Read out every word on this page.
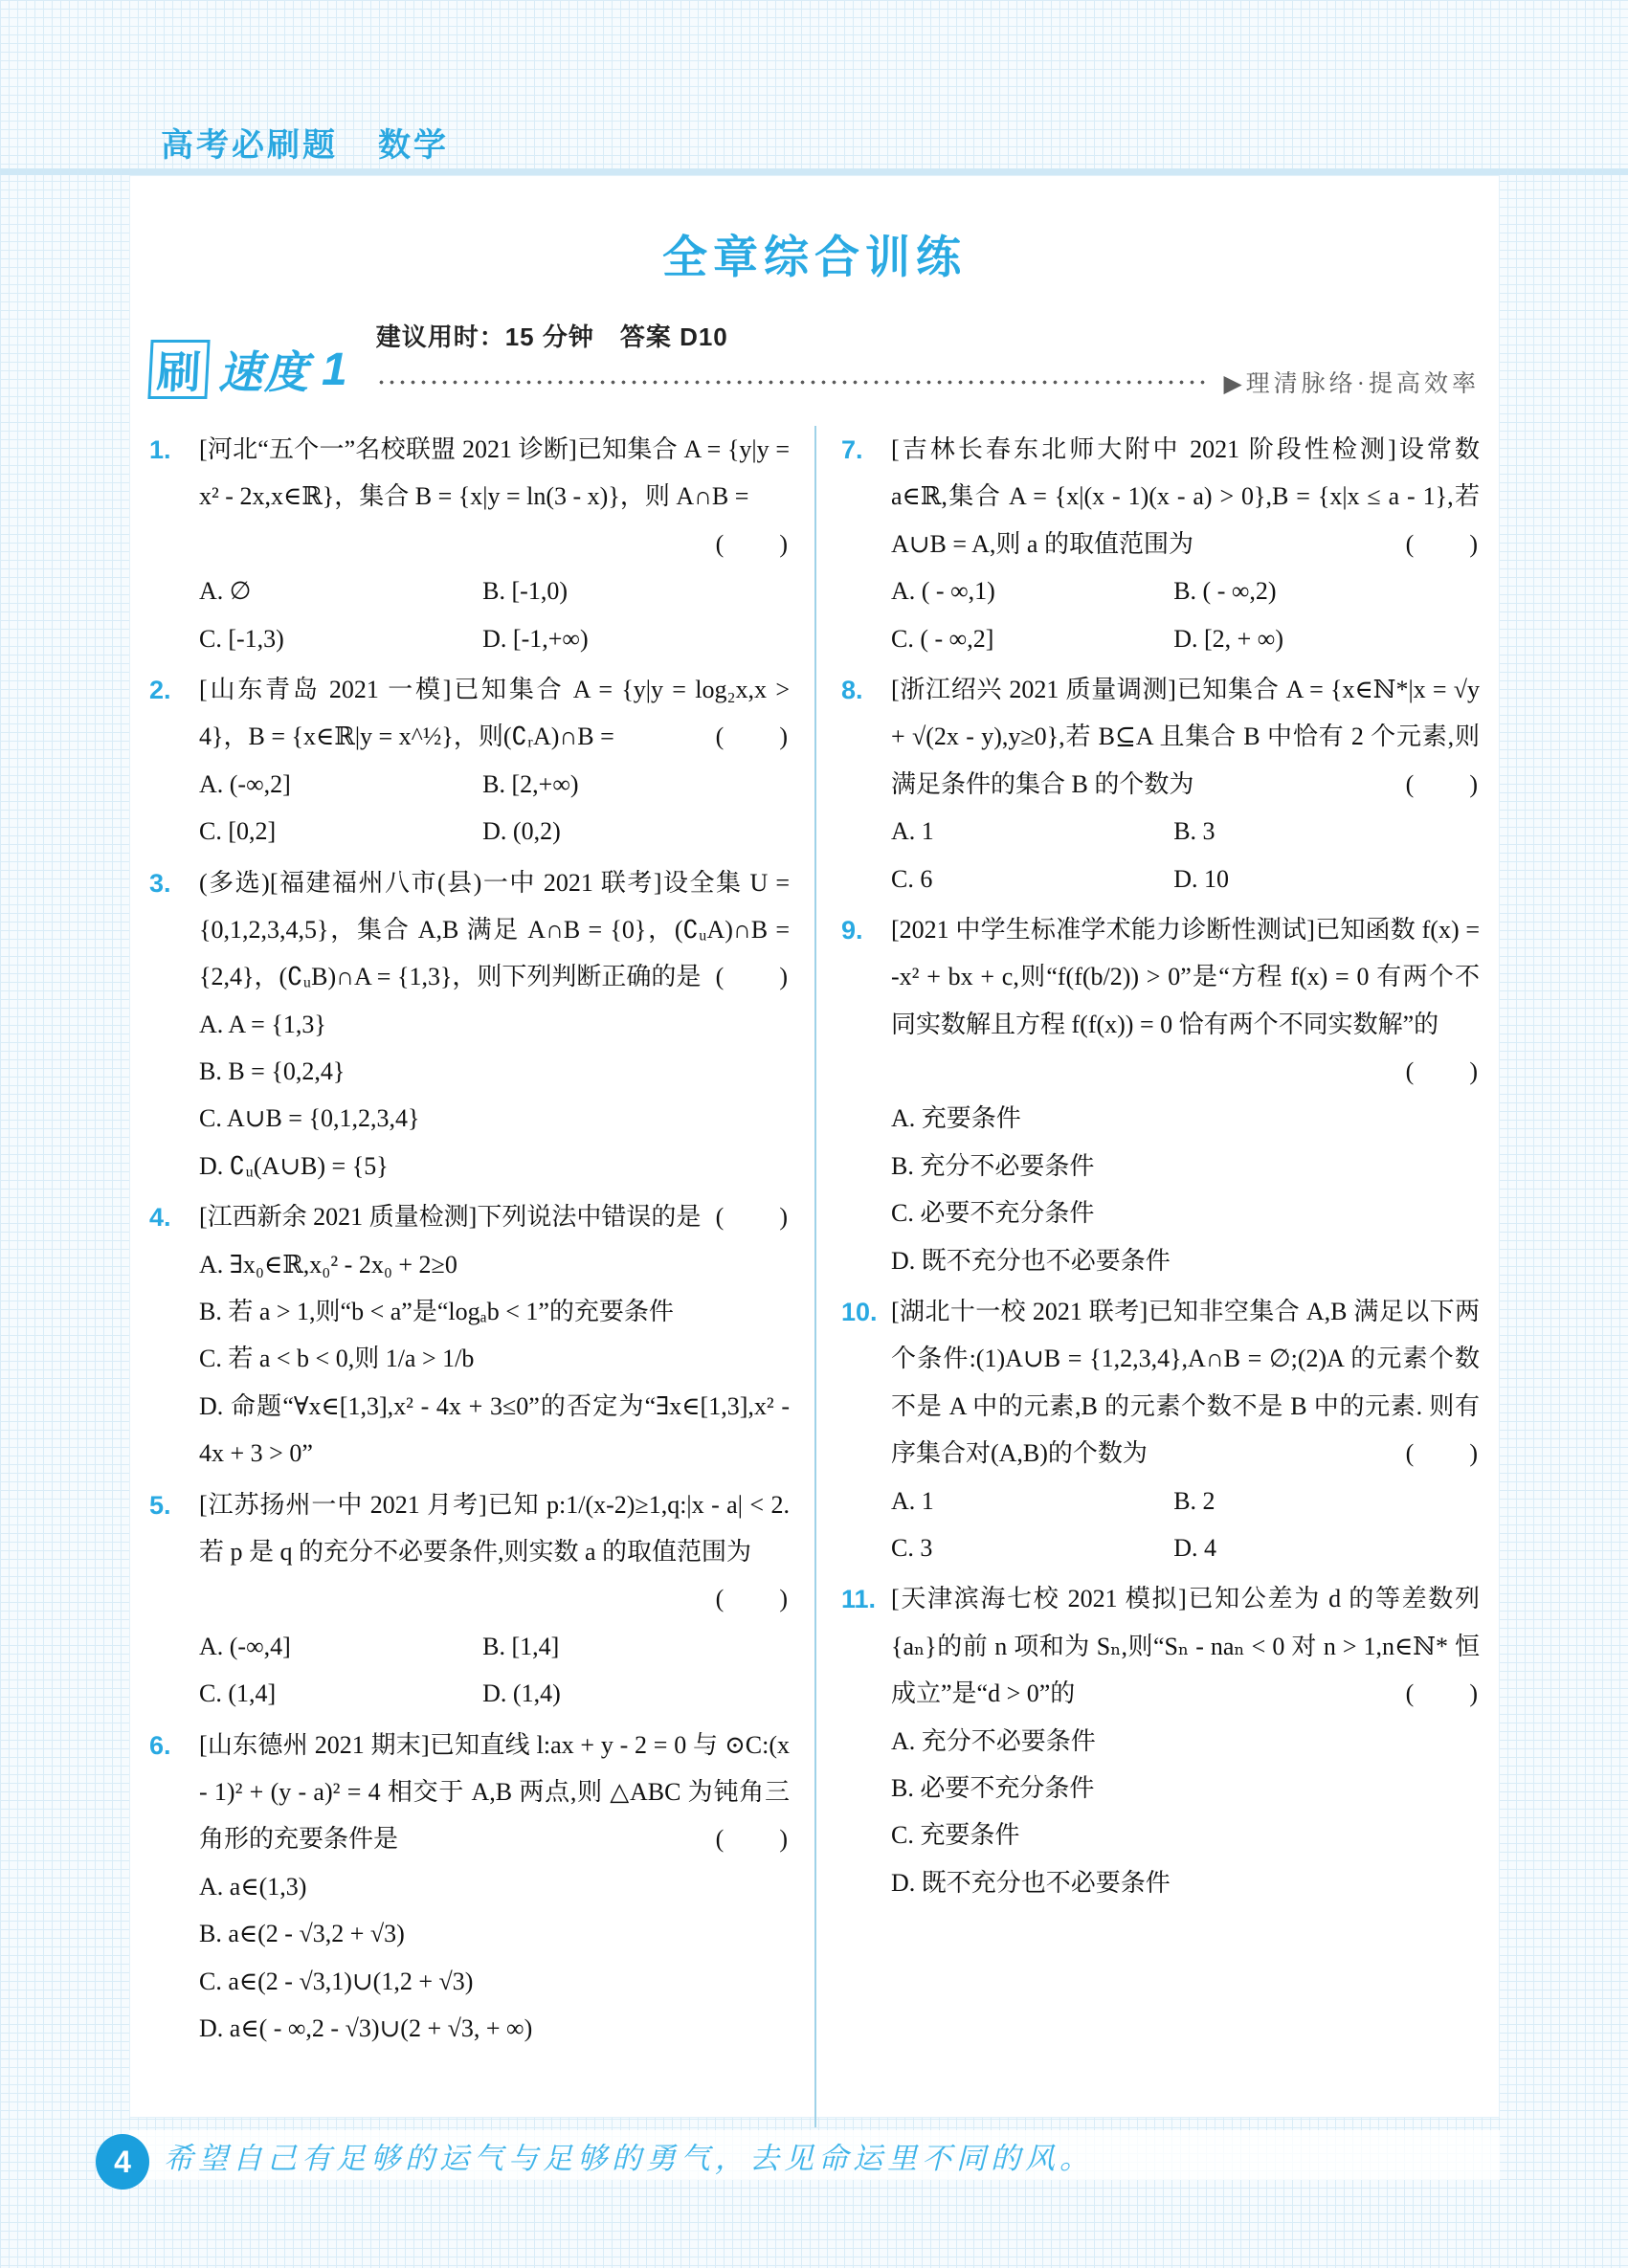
高考必刷题 数学
全章综合训练
刷 速度 1
建议用时：15 分钟　答案 D10
▶理清脉络·提高效率
1.	[河北“五个一”名校联盟 2021 诊断]已知集合 A = {y|y = x² - 2x,x∈ℝ}，集合 B = {x|y = ln(3 - x)}，则 A∩B =
(　　)
A. ∅	B. [-1,0)
C. [-1,3)	D. [-1,+∞)
2.	[山东青岛 2021 一模]已知集合 A = {y|y = log₂x,x > 4}，B = {x∈ℝ|y = x^½}，则(∁ᵣA)∩B =	(　　)
A. (-∞,2]	B. [2,+∞)
C. [0,2]	D. (0,2)
3.	(多选)[福建福州八市(县)一中 2021 联考]设全集 U = {0,1,2,3,4,5}，集合 A,B 满足 A∩B = {0}，(∁ᵤA)∩B = {2,4}，(∁ᵤB)∩A = {1,3}，则下列判断正确的是 (　　)
A. A = {1,3}
B. B = {0,2,4}
C. A∪B = {0,1,2,3,4}
D. ∁ᵤ(A∪B) = {5}
4.	[江西新余 2021 质量检测]下列说法中错误的是 (　　)
A. ∃x₀∈ℝ,x₀² - 2x₀ + 2≥0
B. 若 a > 1,则“b < a”是“logₐb < 1”的充要条件
C. 若 a < b < 0,则 1/a > 1/b
D. 命题“∀x∈[1,3],x² - 4x + 3≤0”的否定为“∃x∈[1,3],x² - 4x + 3 > 0”
5.	[江苏扬州一中 2021 月考]已知 p:1/(x-2)≥1,q:|x - a| < 2. 若 p 是 q 的充分不必要条件,则实数 a 的取值范围为
(　　)
A. (-∞,4]	B. [1,4]
C. (1,4]	D. (1,4)
6.	[山东德州 2021 期末]已知直线 l:ax + y - 2 = 0 与 ⊙C:(x - 1)² + (y - a)² = 4 相交于 A,B 两点,则 △ABC 为钝角三角形的充要条件是	(　　)
A. a∈(1,3)
B. a∈(2 - √3,2 + √3)
C. a∈(2 - √3,1)∪(1,2 + √3)
D. a∈( - ∞,2 - √3)∪(2 + √3, + ∞)
7.	[吉林长春东北师大附中 2021 阶段性检测]设常数 a∈ℝ,集合 A = {x|(x - 1)(x - a) > 0},B = {x|x ≤ a - 1},若 A∪B = A,则 a 的取值范围为	(　　)
A. ( - ∞,1)	B. ( - ∞,2)
C. ( - ∞,2]	D. [2, + ∞)
8.	[浙江绍兴 2021 质量调测]已知集合 A = {x∈ℕ*|x = √y + √(2x - y),y≥0},若 B⊆A 且集合 B 中恰有 2 个元素,则满足条件的集合 B 的个数为	(　　)
A. 1	B. 3
C. 6	D. 10
9.	[2021 中学生标准学术能力诊断性测试]已知函数 f(x) = -x² + bx + c,则“f(f(b/2)) > 0”是“方程 f(x) = 0 有两个不同实数解且方程 f(f(x)) = 0 恰有两个不同实数解”的
(　　)
A. 充要条件
B. 充分不必要条件
C. 必要不充分条件
D. 既不充分也不必要条件
10. [湖北十一校 2021 联考]已知非空集合 A,B 满足以下两个条件:(1)A∪B = {1,2,3,4},A∩B = ∅;(2)A 的元素个数不是 A 中的元素,B 的元素个数不是 B 中的元素. 则有序集合对(A,B)的个数为	(　　)
A. 1	B. 2
C. 3	D. 4
11. [天津滨海七校 2021 模拟]已知公差为 d 的等差数列{aₙ}的前 n 项和为 Sₙ,则“Sₙ - naₙ < 0 对 n > 1,n∈ℕ* 恒成立”是“d > 0”的	(　　)
A. 充分不必要条件
B. 必要不充分条件
C. 充要条件
D. 既不充分也不必要条件
希望自己有足够的运气与足够的勇气，去见命运里不同的风。
4
